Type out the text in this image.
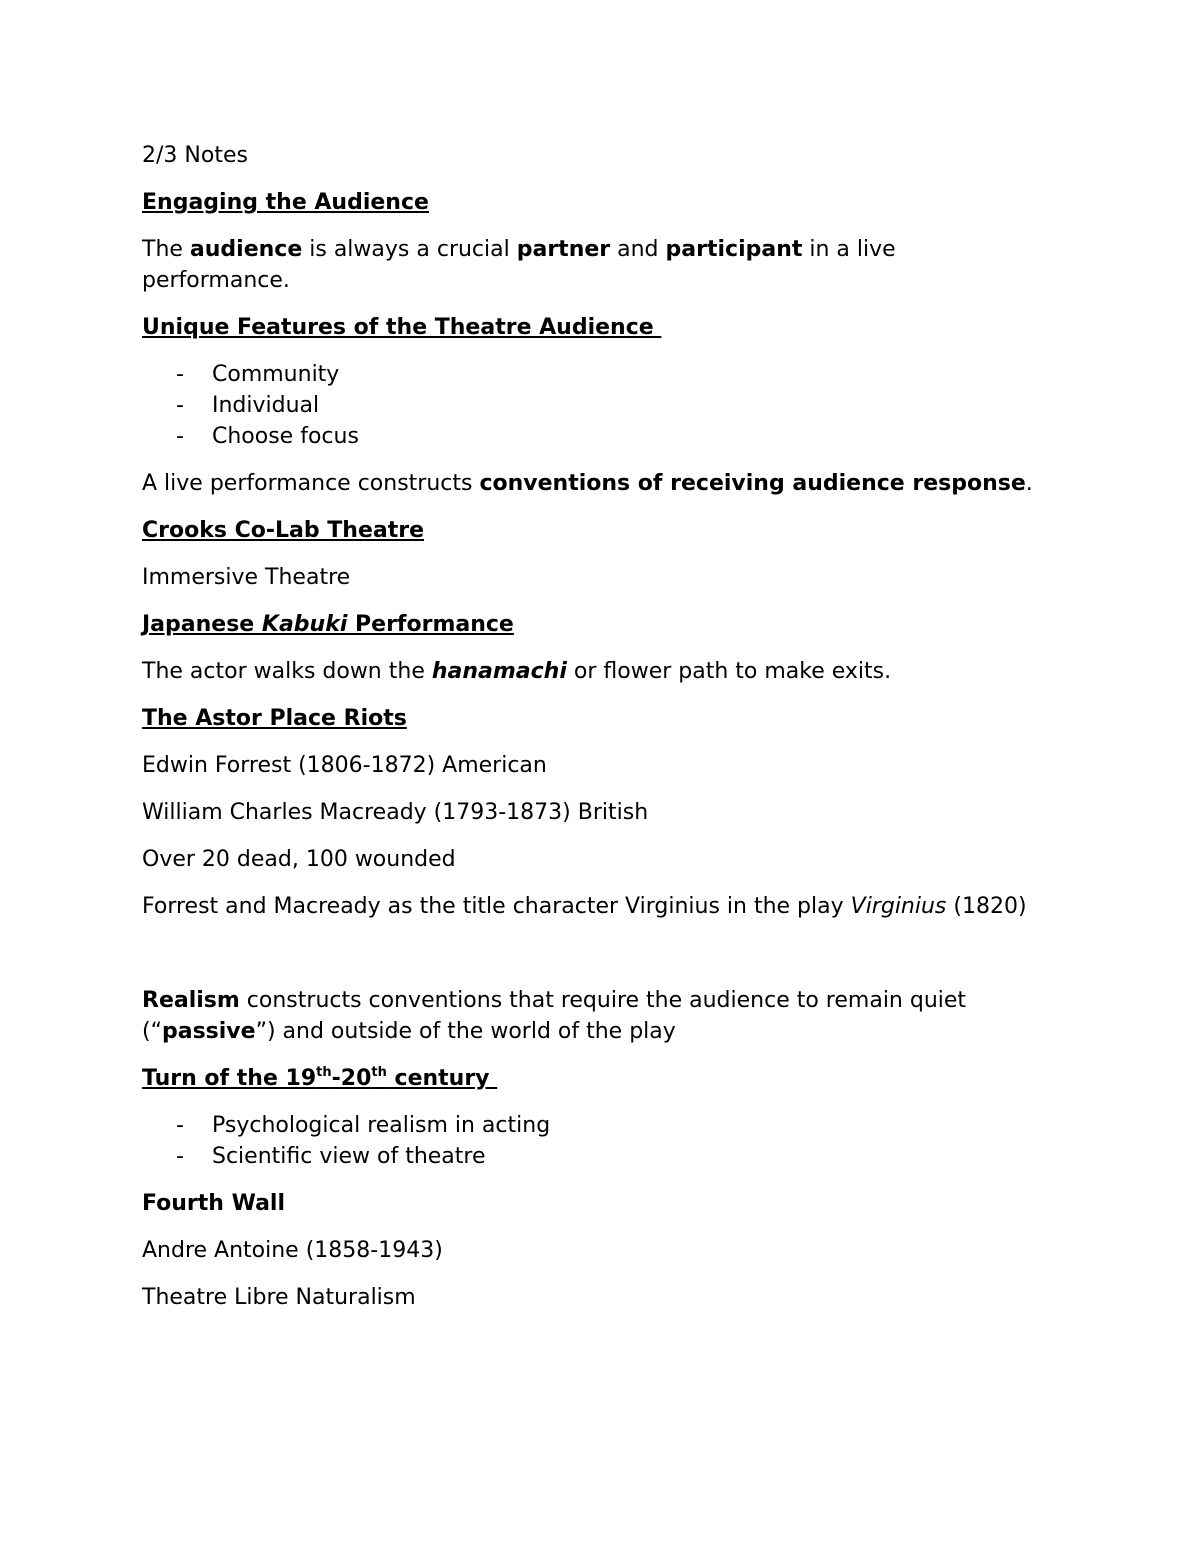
2/3 Notes

Engaging the Audience

The audience is always a crucial partner and participant in a live performance.

Unique Features of the Theatre Audience

- Community
- Individual
- Choose focus

A live performance constructs conventions of receiving audience response.

Crooks Co-Lab Theatre

Immersive Theatre

Japanese Kabuki Performance

The actor walks down the hanamachi or flower path to make exits.

The Astor Place Riots

Edwin Forrest (1806-1872) American

William Charles Macready (1793-1873) British

Over 20 dead, 100 wounded

Forrest and Macready as the title character Virginius in the play Virginius (1820)

Realism constructs conventions that require the audience to remain quiet (“passive”) and outside of the world of the play

Turn of the 19th-20th century

- Psychological realism in acting
- Scientific view of theatre

Fourth Wall

Andre Antoine (1858-1943)

Theatre Libre Naturalism
